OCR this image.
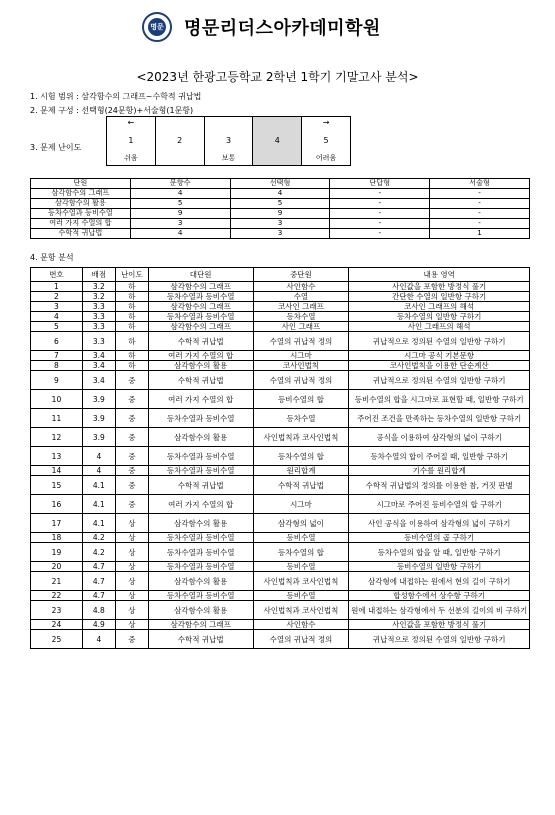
명문 명문리더스아카데미학원
<2023년 한광고등학교 2학년 1학기 기말고사 분석>
1. 시험 범위 : 삼각함수의 그래프~수학적 귀납법
2. 문제 구성 : 선택형(24문항)+서술형(1문항)
3. 문제 난이도
←
1
쉬움

2	3
보통

4

→
5
어려움
단원	문항수	선택형	단답형	서술형
삼각함수의 그래프	4	4	-	-
삼각함수의 활용	5	5	-	-
등차수열과 등비수열	9	9	-	-
여러 가지 수열의 합	3	3	-	-
수학적 귀납법	4	3	-	1
4. 문항 분석
번호	배점	난이도	대단원	중단원	내용 영역
1	3.2	하	삼각함수의 그래프	사인함수	사인값을 포함한 방정식 풀기
2	3.2	하	등차수열과 등비수열	수열	간단한 수열의 일반항 구하기
3	3.3	하	삼각함수의 그래프	코사인 그래프	코사인 그래프의 해석
4	3.3	하	등차수열과 등비수열	등차수열	등차수열의 일반항 구하기
5	3.3	하	삼각함수의 그래프	사인 그래프	사인 그래프의 해석
6	3.3	하	수학적 귀납법	수열의 귀납적 정의	귀납적으로 정의된 수열의 일반항 구하기
7	3.4	하	여러 가지 수열의 합	시그마	시그마 공식 기본문항
8	3.4	하	삼각함수의 활용	코사인법칙	코사인법칙을 이용한 단순계산
9	3.4	중	수학적 귀납법	수열의 귀납적 정의	귀납적으로 정의된 수열의 일반항 구하기
10	3.9	중	여러 가지 수열의 합	등비수열의 합	등비수열의 합을 시그마로 표현할 때, 일반항 구하기
11	3.9	중	등차수열과 등비수열	등차수열	주어진 조건을 만족하는 등차수열의 일반항 구하기
12	3.9	중	삼각함수의 활용	사인법칙과 코사인법칙	공식을 이용하여 삼각형의 넓이 구하기
13	4	중	등차수열과 등비수열	등차수열의 합	등차수열의 합이 주어질 때, 일반항 구하기
14	4	중	등차수열과 등비수열	원리합계	기수를 원리합계
15	4.1	중	수학적 귀납법	수학적 귀납법	수학적 귀납법의 정의를 이용한 참, 거짓 판별
16	4.1	중	여러 가지 수열의 합	시그마	시그마로 주어진 등비수열의 합 구하기
17	4.1	상	삼각함수의 활용	삼각형의 넓이	사인 공식을 이용하여 삼각형의 넓이 구하기
18	4.2	상	등차수열과 등비수열	등비수열	등비수열의 곱 구하기
19	4.2	상	등차수열과 등비수열	등차수열의 합	등차수열의 합을 알 때, 일반항 구하기
20	4.7	상	등차수열과 등비수열	등비수열	등비수열의 일반항 구하기
21	4.7	상	삼각함수의 활용	사인법칙과 코사인법칙	삼각형에 내접하는 원에서 현의 길이 구하기
22	4.7	상	등차수열과 등비수열	등비수열	합성함수에서 상수항 구하기
23	4.8	상	삼각함수의 활용	사인법칙과 코사인법칙	원에 내접하는 삼각형에서 두 선분의 길이의 비 구하기
24	4.9	상	삼각함수의 그래프	사인함수	사인값을 포함한 방정식 풀기
25	4	중	수학적 귀납법	수열의 귀납적 정의	귀납적으로 정의된 수열의 일반항 구하기
